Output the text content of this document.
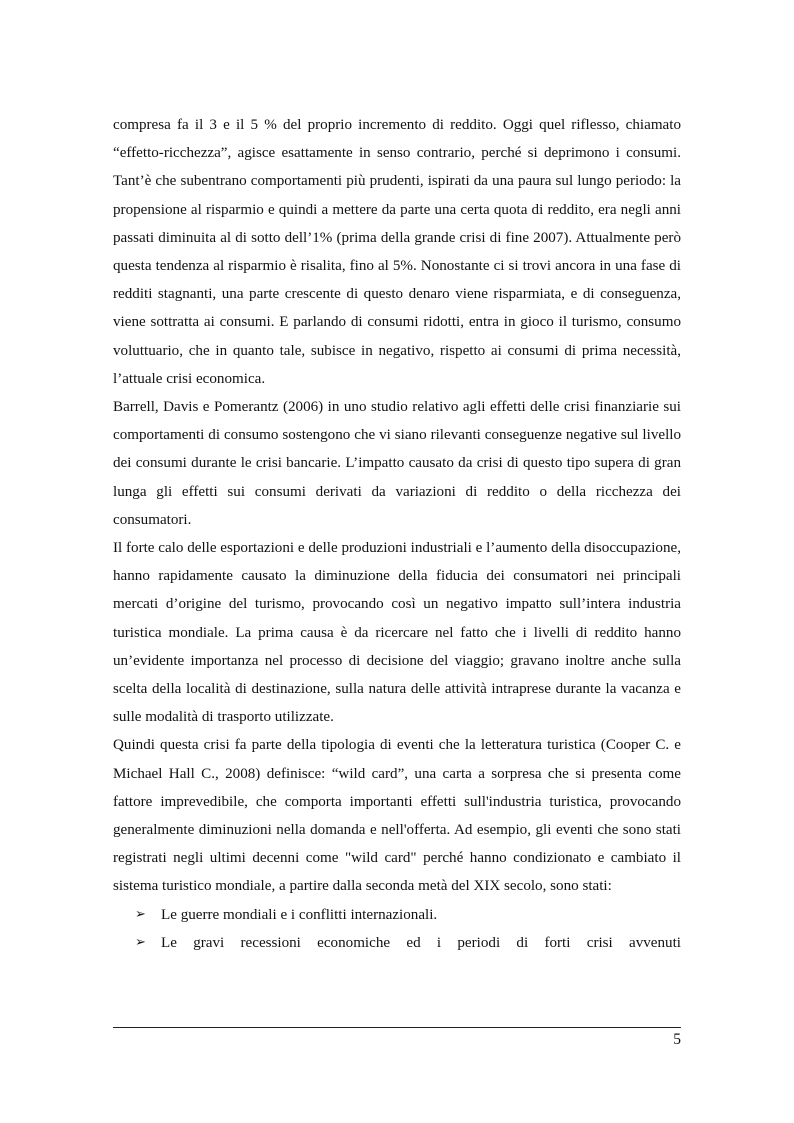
compresa fa il 3 e il 5 % del proprio incremento di reddito. Oggi quel riflesso, chiamato “effetto-ricchezza”, agisce esattamente in senso contrario, perché si deprimono i consumi. Tant’è che subentrano comportamenti più prudenti, ispirati da una paura sul lungo periodo: la propensione al risparmio e quindi a mettere da parte una certa quota di reddito, era negli anni passati diminuita al di sotto dell’1% (prima della grande crisi di fine 2007). Attualmente però questa tendenza al risparmio è risalita, fino al 5%. Nonostante ci si trovi ancora in una fase di redditi stagnanti, una parte crescente di questo denaro viene risparmiata, e di conseguenza, viene sottratta ai consumi. E parlando di consumi ridotti, entra in gioco il turismo, consumo voluttuario, che in quanto tale, subisce in negativo, rispetto ai consumi di prima necessità, l’attuale crisi economica.

Barrell, Davis e Pomerantz (2006) in uno studio relativo agli effetti delle crisi finanziarie sui comportamenti di consumo sostengono che vi siano rilevanti conseguenze negative sul livello dei consumi durante le crisi bancarie. L’impatto causato da crisi di questo tipo supera di gran lunga gli effetti sui consumi derivati da variazioni di reddito o della ricchezza dei consumatori.

Il forte calo delle esportazioni e delle produzioni industriali e l’aumento della disoccupazione, hanno rapidamente causato la diminuzione della fiducia dei consumatori nei principali mercati d’origine del turismo, provocando così un negativo impatto sull’intera industria turistica mondiale. La prima causa è da ricercare nel fatto che i livelli di reddito hanno un’evidente importanza nel processo di decisione del viaggio; gravano inoltre anche sulla scelta della località di destinazione, sulla natura delle attività intraprese durante la vacanza e sulle modalità di trasporto utilizzate.

Quindi questa crisi fa parte della tipologia di eventi che la letteratura turistica (Cooper C. e Michael Hall C., 2008) definisce: “wild card”, una carta a sorpresa che si presenta come fattore imprevedibile, che comporta importanti effetti sull'industria turistica, provocando generalmente diminuzioni nella domanda e nell'offerta. Ad esempio, gli eventi che sono stati registrati negli ultimi decenni come "wild card" perché hanno condizionato e cambiato il sistema turistico mondiale, a partire dalla seconda metà del XIX secolo, sono stati:

➢ Le guerre mondiali e i conflitti internazionali.
➢ Le gravi recessioni economiche ed i periodi di forti crisi avvenuti
5
